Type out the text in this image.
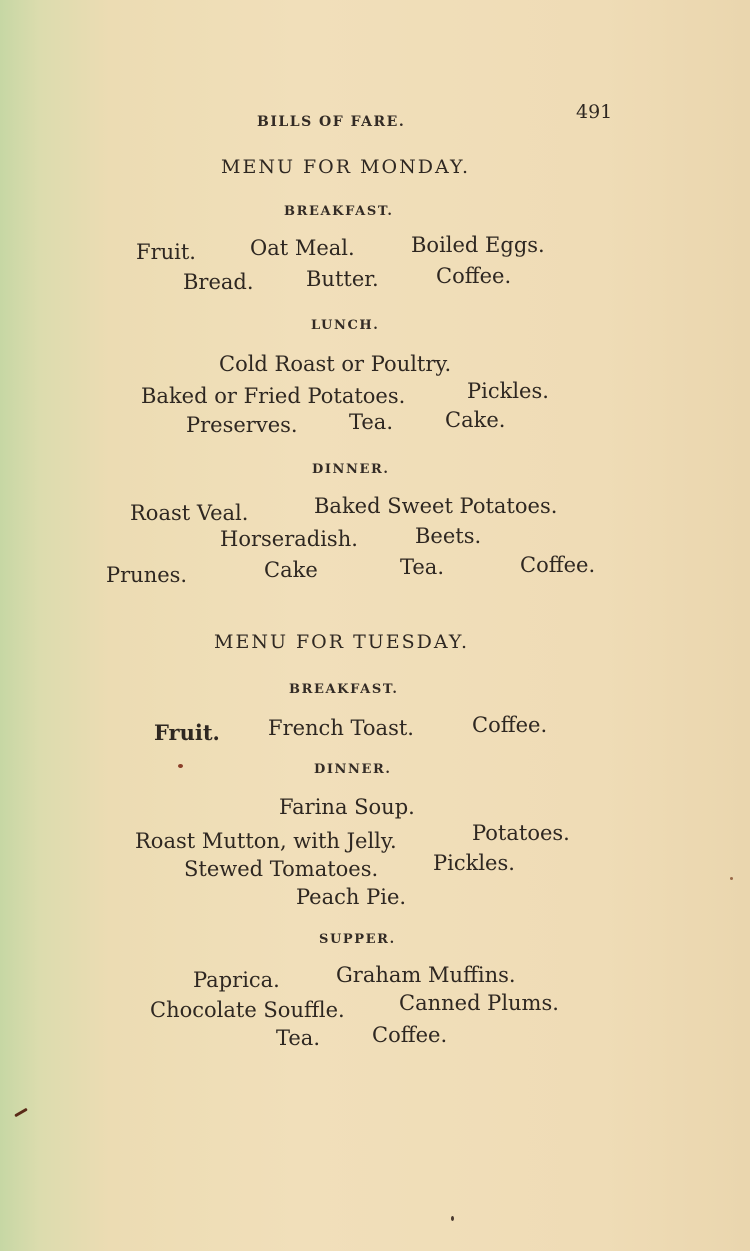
BILLS OF FARE.	491
MENU FOR MONDAY.
BREAKFAST.
Fruit.	Oat Meal.	Boiled Eggs.
Bread. Butter.	Coffee.
LUNCH.
Cold Roast or Poultry.
Baked or Fried Potatoes.	Pickles.
Preserves. Tea. Cake.
DINNER.
Roast Veal.	Baked Sweet Potatoes.
Horseradish.	Beets.
Prunes.	Cake	Tea.	Coffee.
MENU FOR TUESDAY.
BREAKFAST.
Fruit. French Toast.	Coffee.
DINNER.
Farina Soup.
Roast Mutton, with Jelly.	Potatoes.
Stewed Tomatoes.	Pickles.
Peach Pie.
SUPPER.
Paprica.	Graham Muffins.
Chocolate Souffle.	Canned Plums.
Tea. Coffee.
